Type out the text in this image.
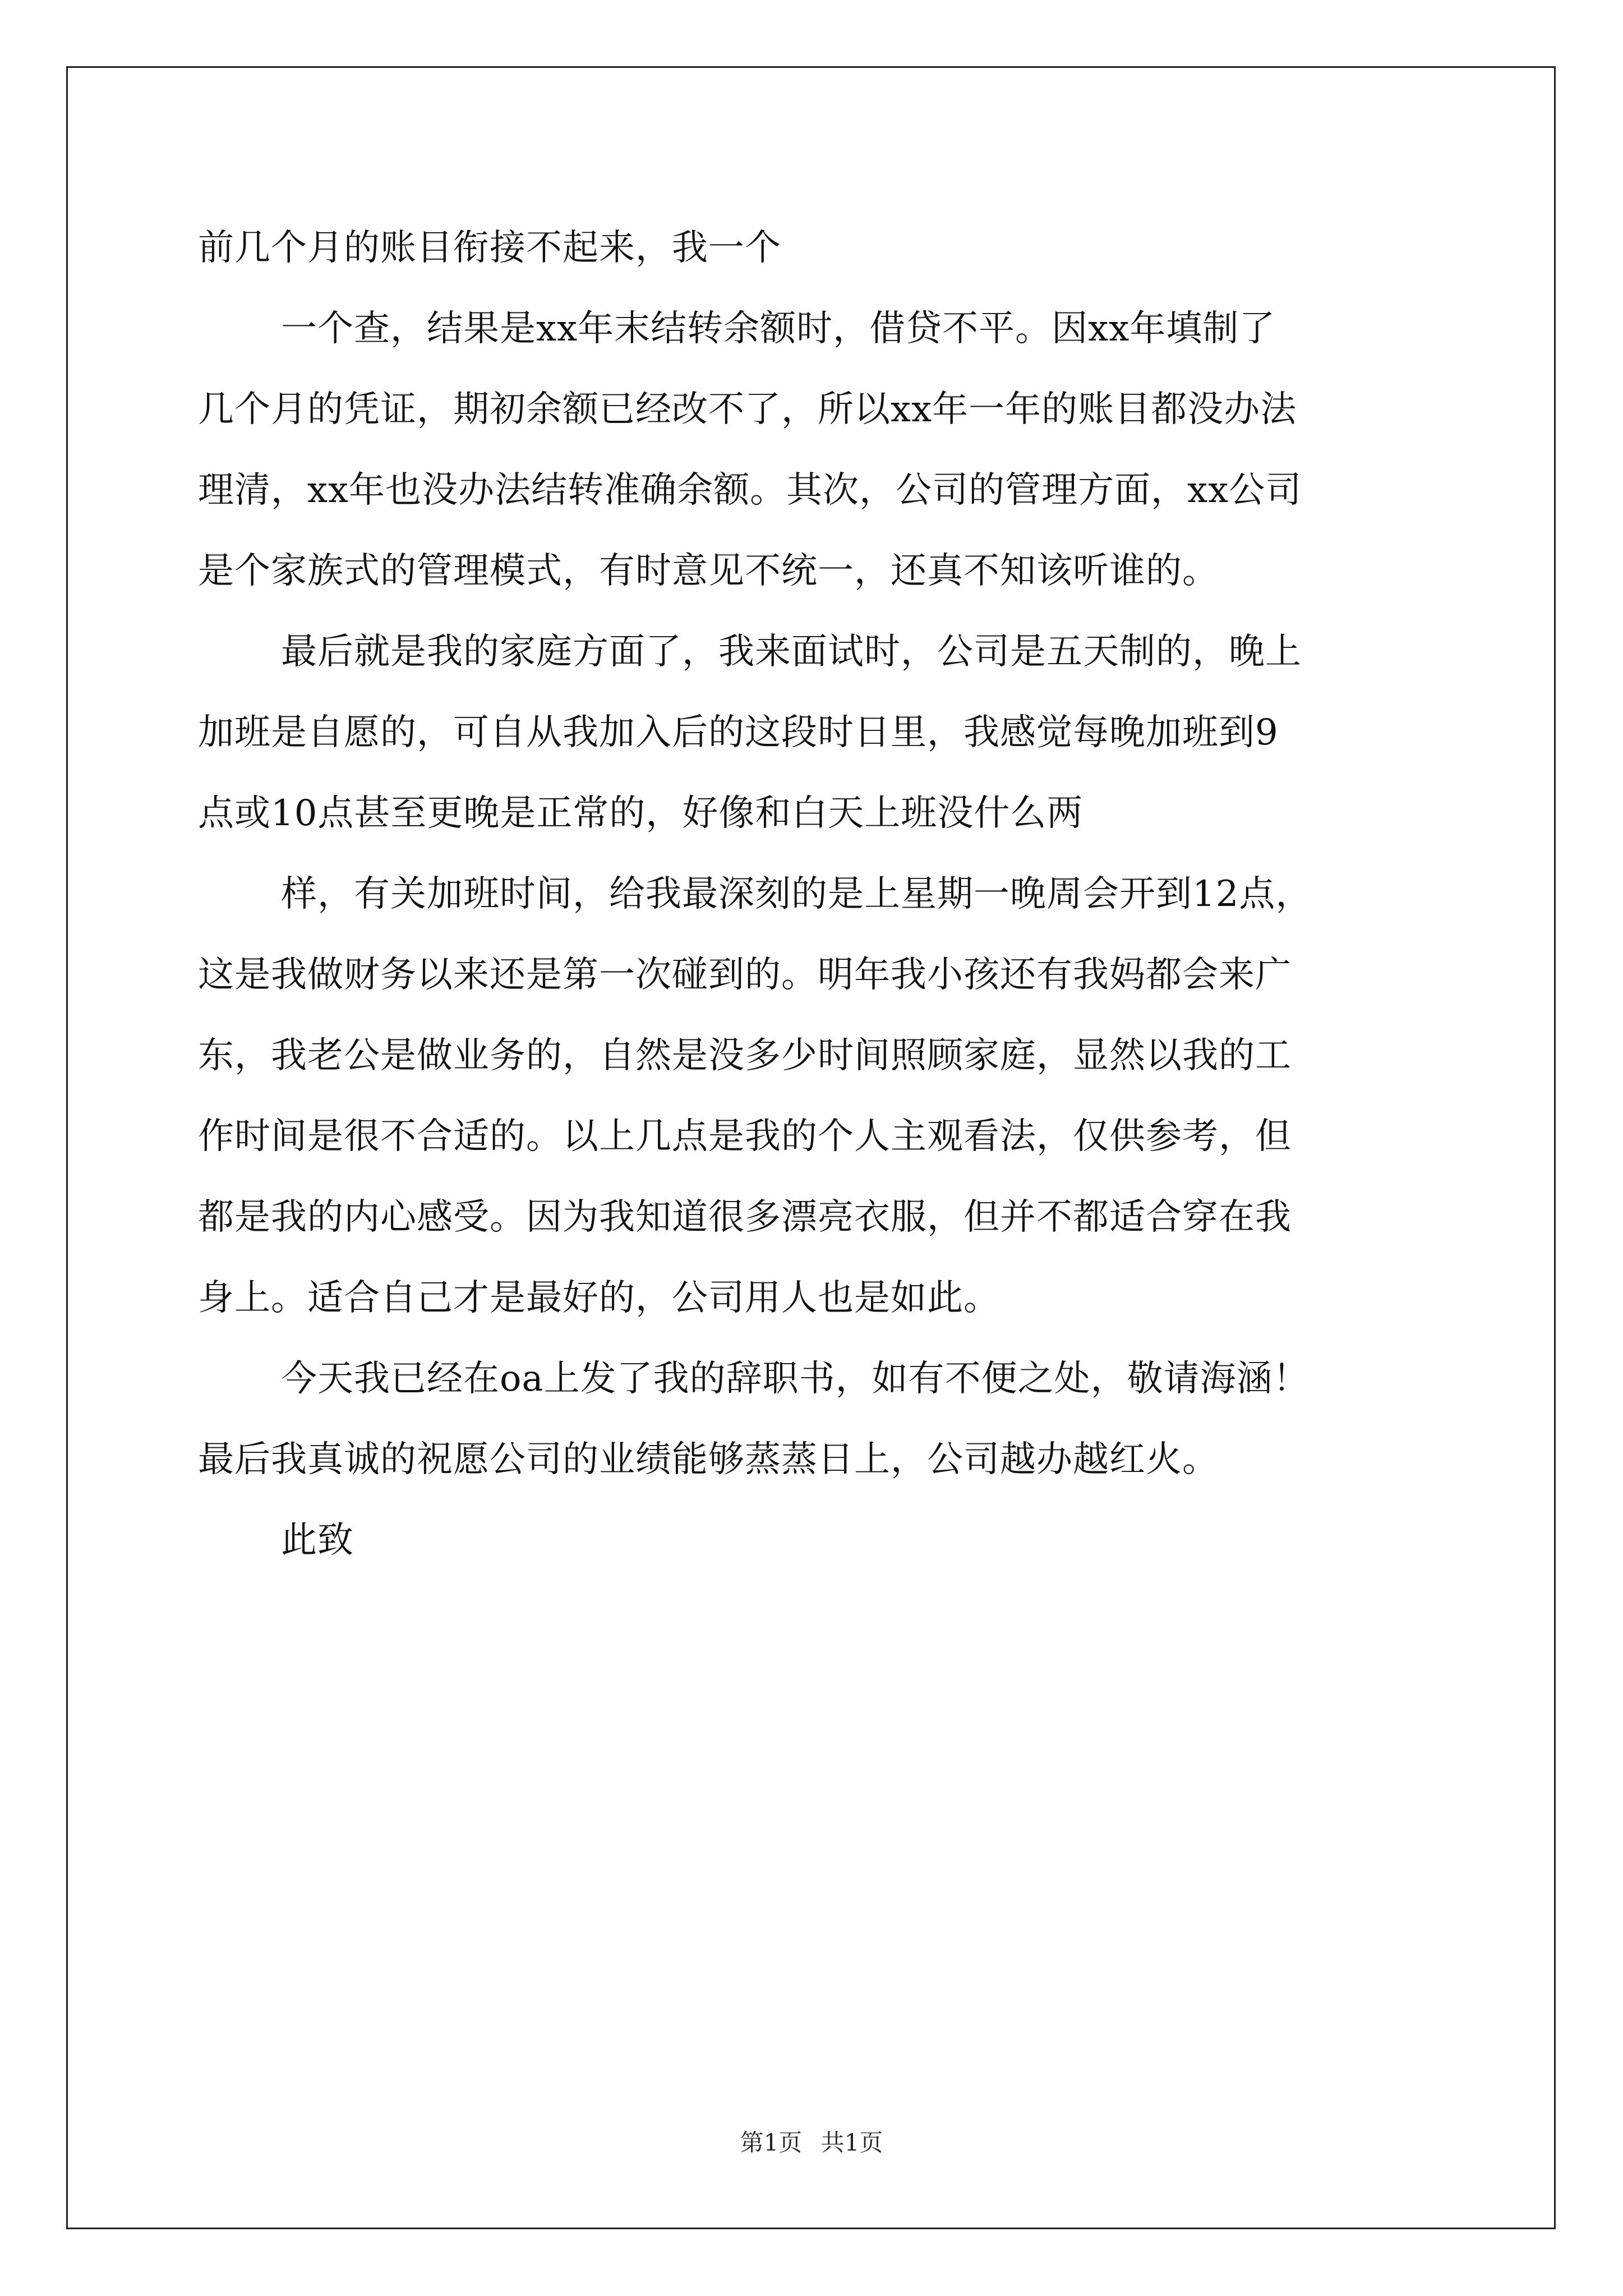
前几个月的账目衔接不起来，我一个
一个查，结果是xx年末结转余额时，借贷不平。因xx年填制了
几个月的凭证，期初余额已经改不了，所以xx年一年的账目都没办法
理清，xx年也没办法结转准确余额。其次，公司的管理方面，xx公司
是个家族式的管理模式，有时意见不统一，还真不知该听谁的。
最后就是我的家庭方面了，我来面试时，公司是五天制的，晚上
加班是自愿的，可自从我加入后的这段时日里，我感觉每晚加班到9
点或10点甚至更晚是正常的，好像和白天上班没什么两
样，有关加班时间，给我最深刻的是上星期一晚周会开到12点，
这是我做财务以来还是第一次碰到的。明年我小孩还有我妈都会来广
东，我老公是做业务的，自然是没多少时间照顾家庭，显然以我的工
作时间是很不合适的。以上几点是我的个人主观看法，仅供参考，但
都是我的内心感受。因为我知道很多漂亮衣服，但并不都适合穿在我
身上。适合自己才是最好的，公司用人也是如此。
今天我已经在oa上发了我的辞职书，如有不便之处，敬请海涵！
最后我真诚的祝愿公司的业绩能够蒸蒸日上，公司越办越红火。
此致
第1页 共1页
